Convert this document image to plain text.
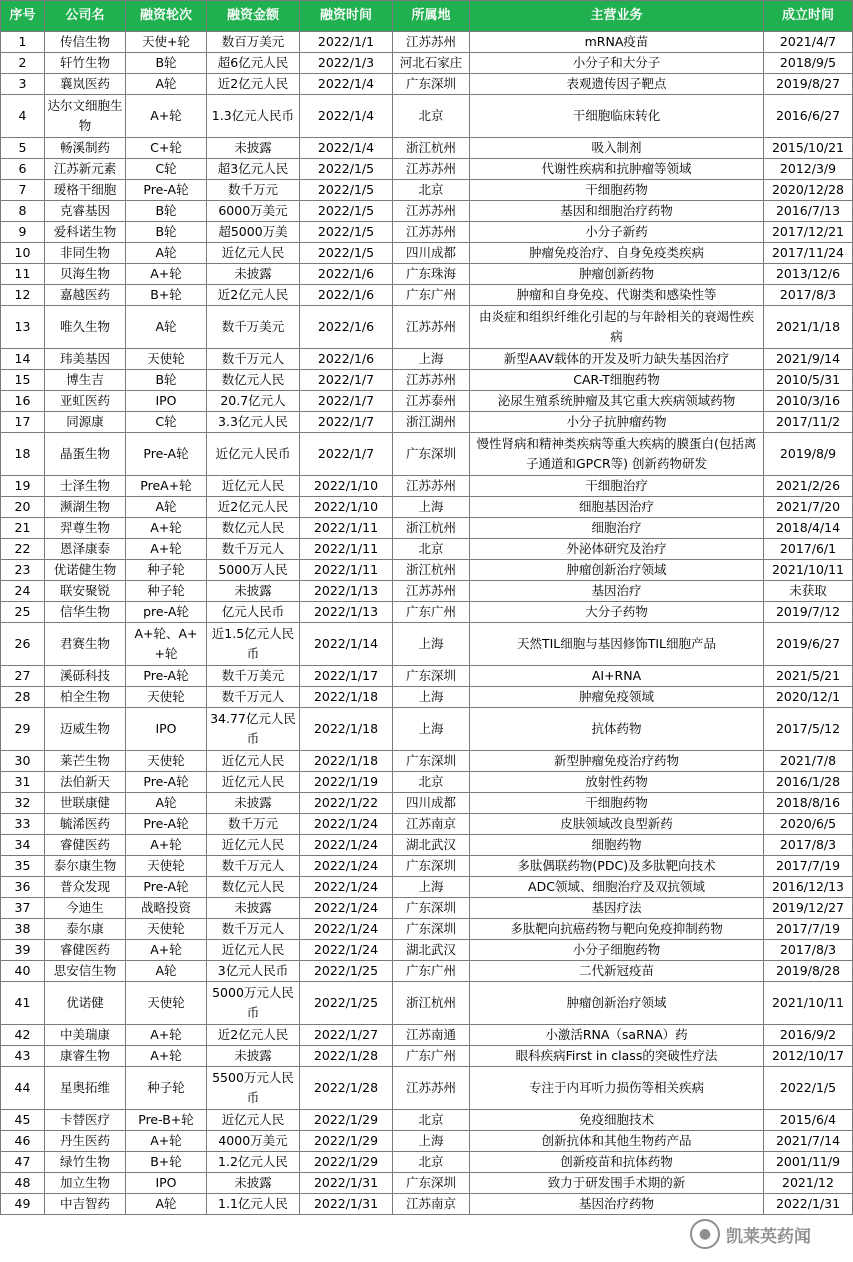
序号	公司名	融资轮次	融资金额	融资时间	所属地	主营业务	成立时间
1	传信生物	天使+轮	数百万美元	2022/1/1	江苏苏州	mRNA疫苗	2021/4/7
2	轩竹生物	B轮	超6亿元人民	2022/1/3	河北石家庄	小分子和大分子	2018/9/5
3	襄岚医药	A轮	近2亿元人民	2022/1/4	广东深圳	表观遗传因子靶点	2019/8/27
4	达尔文细胞生物	A+轮	1.3亿元人民币	2022/1/4	北京	干细胞临床转化	2016/6/27
5	畅溪制药	C+轮	未披露	2022/1/4	浙江杭州	吸入制剂	2015/10/21
6	江苏新元素	C轮	超3亿元人民	2022/1/5	江苏苏州	代谢性疾病和抗肿瘤等领域	2012/3/9
7	瑷格干细胞	Pre-A轮	数千万元	2022/1/5	北京	干细胞药物	2020/12/28
8	克睿基因	B轮	6000万美元	2022/1/5	江苏苏州	基因和细胞治疗药物	2016/7/13
9	爱科诺生物	B轮	超5000万美	2022/1/5	江苏苏州	小分子新药	2017/12/21
10	非同生物	A轮	近亿元人民	2022/1/5	四川成都	肿瘤免疫治疗、自身免疫类疾病	2017/11/24
11	贝海生物	A+轮	未披露	2022/1/6	广东珠海	肿瘤创新药物	2013/12/6
12	嘉越医药	B+轮	近2亿元人民	2022/1/6	广东广州	肿瘤和自身免疫、代谢类和感染性等	2017/8/3
13	唯久生物	A轮	数千万美元	2022/1/6	江苏苏州	由炎症和组织纤维化引起的与年龄相关的衰竭性疾病	2021/1/18
14	玮美基因	天使轮	数千万元人	2022/1/6	上海	新型AAV载体的开发及听力缺失基因治疗	2021/9/14
15	博生吉	B轮	数亿元人民	2022/1/7	江苏苏州	CAR-T细胞药物	2010/5/31
16	亚虹医药	IPO	20.7亿元人	2022/1/7	江苏泰州	泌尿生殖系统肿瘤及其它重大疾病领域药物	2010/3/16
17	同源康	C轮	3.3亿元人民	2022/1/7	浙江湖州	小分子抗肿瘤药物	2017/11/2
18	晶蛋生物	Pre-A轮	近亿元人民币	2022/1/7	广东深圳	慢性肾病和精神类疾病等重大疾病的膜蛋白(包括离子通道和GPCR等) 创新药物研发	2019/8/9
19	士泽生物	PreA+轮	近亿元人民	2022/1/10	江苏苏州	干细胞治疗	2021/2/26
20	濒湖生物	A轮	近2亿元人民	2022/1/10	上海	细胞基因治疗	2021/7/20
21	羿尊生物	A+轮	数亿元人民	2022/1/11	浙江杭州	细胞治疗	2018/4/14
22	恩泽康泰	A+轮	数千万元人	2022/1/11	北京	外泌体研究及治疗	2017/6/1
23	优诺健生物	种子轮	5000万人民	2022/1/11	浙江杭州	肿瘤创新治疗领域	2021/10/11
24	联安聚锐	种子轮	未披露	2022/1/13	江苏苏州	基因治疗	未获取
25	信华生物	pre-A轮	亿元人民币	2022/1/13	广东广州	大分子药物	2019/7/12
26	君赛生物	A+轮、A++轮	近1.5亿元人民币	2022/1/14	上海	天然TIL细胞与基因修饰TIL细胞产品	2019/6/27
27	溪砾科技	Pre-A轮	数千万美元	2022/1/17	广东深圳	AI+RNA	2021/5/21
28	柏全生物	天使轮	数千万元人	2022/1/18	上海	肿瘤免疫领域	2020/12/1
29	迈威生物	IPO	34.77亿元人民币	2022/1/18	上海	抗体药物	2017/5/12
30	莱芒生物	天使轮	近亿元人民	2022/1/18	广东深圳	新型肿瘤免疫治疗药物	2021/7/8
31	法伯新天	Pre-A轮	近亿元人民	2022/1/19	北京	放射性药物	2016/1/28
32	世联康健	A轮	未披露	2022/1/22	四川成都	干细胞药物	2018/8/16
33	毓浠医药	Pre-A轮	数千万元	2022/1/24	江苏南京	皮肤领域改良型新药	2020/6/5
34	睿健医药	A+轮	近亿元人民	2022/1/24	湖北武汉	细胞药物	2017/8/3
35	泰尔康生物	天使轮	数千万元人	2022/1/24	广东深圳	多肽偶联药物(PDC)及多肽靶向技术	2017/7/19
36	普众发现	Pre-A轮	数亿元人民	2022/1/24	上海	ADC领域、细胞治疗及双抗领域	2016/12/13
37	今迪生	战略投资	未披露	2022/1/24	广东深圳	基因疗法	2019/12/27
38	泰尔康	天使轮	数千万元人	2022/1/24	广东深圳	多肽靶向抗癌药物与靶向免疫抑制药物	2017/7/19
39	睿健医药	A+轮	近亿元人民	2022/1/24	湖北武汉	小分子细胞药物	2017/8/3
40	思安信生物	A轮	3亿元人民币	2022/1/25	广东广州	二代新冠疫苗	2019/8/28
41	优诺健	天使轮	5000万元人民币	2022/1/25	浙江杭州	肿瘤创新治疗领域	2021/10/11
42	中美瑞康	A+轮	近2亿元人民	2022/1/27	江苏南通	小激活RNA（saRNA）药	2016/9/2
43	康睿生物	A+轮	未披露	2022/1/28	广东广州	眼科疾病First in class的突破性疗法	2012/10/17
44	星奥拓维	种子轮	5500万元人民币	2022/1/28	江苏苏州	专注于内耳听力损伤等相关疾病	2022/1/5
45	卡替医疗	Pre-B+轮	近亿元人民	2022/1/29	北京	免疫细胞技术	2015/6/4
46	丹生医药	A+轮	4000万美元	2022/1/29	上海	创新抗体和其他生物药产品	2021/7/14
47	绿竹生物	B+轮	1.2亿元人民	2022/1/29	北京	创新疫苗和抗体药物	2001/11/9
48	加立生物	IPO	未披露	2022/1/31	广东深圳	致力于研发围手术期的新	2021/12
49	中吉智药	A轮	1.1亿元人民	2022/1/31	江苏南京	基因治疗药物	2022/1/31
● 凯莱英药闻
